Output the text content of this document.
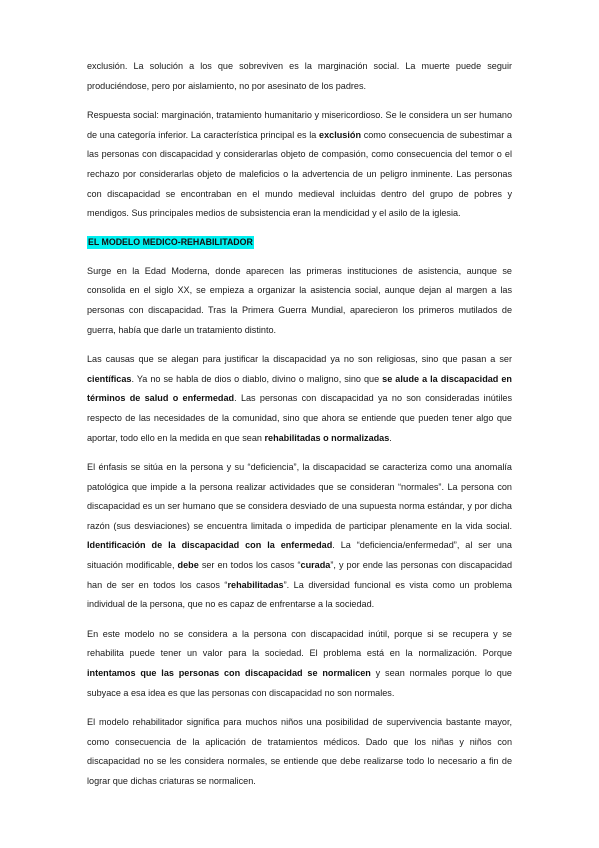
exclusión. La solución a los que sobreviven es la marginación social. La muerte puede seguir produciéndose, pero por aislamiento, no por asesinato de los padres.

Respuesta social: marginación, tratamiento humanitario y misericordioso. Se le considera un ser humano de una categoría inferior. La característica principal es la exclusión como consecuencia de subestimar a las personas con discapacidad y considerarlas objeto de compasión, como consecuencia del temor o el rechazo por considerarlas objeto de maleficios o la advertencia de un peligro inminente. Las personas con discapacidad se encontraban en el mundo medieval incluidas dentro del grupo de pobres y mendigos. Sus principales medios de subsistencia eran la mendicidad y el asilo de la iglesia.

EL MODELO MEDICO-REHABILITADOR

Surge en la Edad Moderna, donde aparecen las primeras instituciones de asistencia, aunque se consolida en el siglo XX, se empieza a organizar la asistencia social, aunque dejan al margen a las personas con discapacidad. Tras la Primera Guerra Mundial, aparecieron los primeros mutilados de guerra, había que darle un tratamiento distinto.

Las causas que se alegan para justificar la discapacidad ya no son religiosas, sino que pasan a ser científicas. Ya no se habla de dios o diablo, divino o maligno, sino que se alude a la discapacidad en términos de salud o enfermedad. Las personas con discapacidad ya no son consideradas inútiles respecto de las necesidades de la comunidad, sino que ahora se entiende que pueden tener algo que aportar, todo ello en la medida en que sean rehabilitadas o normalizadas.

El énfasis se sitúa en la persona y su “deficiencia”, la discapacidad se caracteriza como una anomalía patológica que impide a la persona realizar actividades que se consideran “normales”. La persona con discapacidad es un ser humano que se considera desviado de una supuesta norma estándar, y por dicha razón (sus desviaciones) se encuentra limitada o impedida de participar plenamente en la vida social. Identificación de la discapacidad con la enfermedad. La “deficiencia/enfermedad”, al ser una situación modificable, debe ser en todos los casos “curada”, y por ende las personas con discapacidad han de ser en todos los casos “rehabilitadas”. La diversidad funcional es vista como un problema individual de la persona, que no es capaz de enfrentarse a la sociedad.

En este modelo no se considera a la persona con discapacidad inútil, porque si se recupera y se rehabilita puede tener un valor para la sociedad. El problema está en la normalización. Porque intentamos que las personas con discapacidad se normalicen y sean normales porque lo que subyace a esa idea es que las personas con discapacidad no son normales.

El modelo rehabilitador significa para muchos niños una posibilidad de supervivencia bastante mayor, como consecuencia de la aplicación de tratamientos médicos. Dado que los niñas y niños con discapacidad no se les considera normales, se entiende que debe realizarse todo lo necesario a fin de lograr que dichas criaturas se normalicen.
